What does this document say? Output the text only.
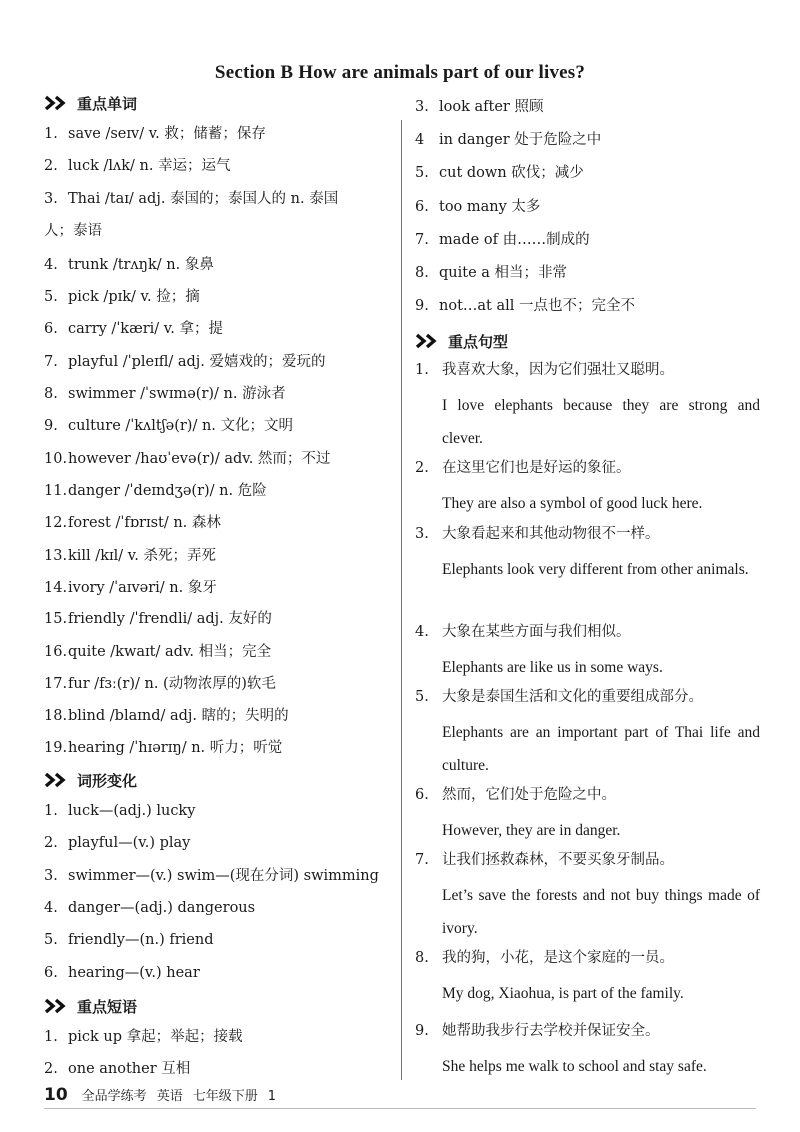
Section B How are animals part of our lives?
重点单词
1. save /seɪv/ v. 救；储蓄；保存
2. luck /lʌk/ n. 幸运；运气
3. Thai /taɪ/ adj. 泰国的；泰国人的 n. 泰国
人；泰语
4. trunk /trʌŋk/ n. 象鼻
5. pick /pɪk/ v. 捡；摘
6. carry /ˈkæri/ v. 拿；提
7. playful /ˈpleɪfl/ adj. 爱嬉戏的；爱玩的
8. swimmer /ˈswɪmə(r)/ n. 游泳者
9. culture /ˈkʌltʃə(r)/ n. 文化；文明
10.however /haʊˈevə(r)/ adv. 然而；不过
11.danger /ˈdeɪndʒə(r)/ n. 危险
12.forest /ˈfɒrɪst/ n. 森林
13.kill /kɪl/ v. 杀死；弄死
14.ivory /ˈaɪvəri/ n. 象牙
15.friendly /ˈfrendli/ adj. 友好的
16.quite /kwaɪt/ adv. 相当；完全
17.fur /fɜː(r)/ n. (动物浓厚的)软毛
18.blind /blaɪnd/ adj. 瞎的；失明的
19.hearing /ˈhɪərɪŋ/ n. 听力；听觉
词形变化
1. luck—(adj.) lucky
2. playful—(v.) play
3. swimmer—(v.) swim—(现在分词) swimming
4. danger—(adj.) dangerous
5. friendly—(n.) friend
6. hearing—(v.) hear
重点短语
1. pick up 拿起；举起；接载
2. one another 互相
3. look after 照顾
4 in danger 处于危险之中
5. cut down 砍伐；减少
6. too many 太多
7. made of 由……制成的
8. quite a 相当；非常
9. not…at all 一点也不；完全不
重点句型
1. 我喜欢大象，因为它们强壮又聪明。
I love elephants because they are strong and clever.
2. 在这里它们也是好运的象征。
They are also a symbol of good luck here.
3. 大象看起来和其他动物很不一样。
Elephants look very different from other animals.
4. 大象在某些方面与我们相似。
Elephants are like us in some ways.
5. 大象是泰国生活和文化的重要组成部分。
Elephants are an important part of Thai life and culture.
6. 然而，它们处于危险之中。
However, they are in danger.
7. 让我们拯救森林，不要买象牙制品。
Let’s save the forests and not buy things made of ivory.
8. 我的狗，小花，是这个家庭的一员。
My dog, Xiaohua, is part of the family.
9. 她帮助我步行去学校并保证安全。
She helps me walk to school and stay safe.
10 全品学练考 英语 七年级下册 1
